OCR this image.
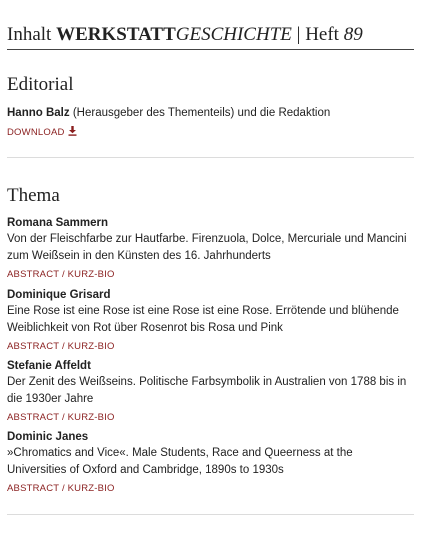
Inhalt WERKSTATTGESCHICHTE | Heft 89
Editorial
Hanno Balz (Herausgeber des Thementeils) und die Redaktion
DOWNLOAD
Thema
Romana Sammern
Von der Fleischfarbe zur Hautfarbe. Firenzuola, Dolce, Mercuriale und Mancini zum Weißsein in den Künsten des 16. Jahrhunderts
ABSTRACT / KURZ-BIO
Dominique Grisard
Eine Rose ist eine Rose ist eine Rose ist eine Rose. Errötende und blühende Weiblichkeit von Rot über Rosenrot bis Rosa und Pink
ABSTRACT / KURZ-BIO
Stefanie Affeldt
Der Zenit des Weißseins. Politische Farbsymbolik in Australien von 1788 bis in die 1930er Jahre
ABSTRACT / KURZ-BIO
Dominic Janes
»Chromatics and Vice«. Male Students, Race and Queerness at the Universities of Oxford and Cambridge, 1890s to 1930s
ABSTRACT / KURZ-BIO
